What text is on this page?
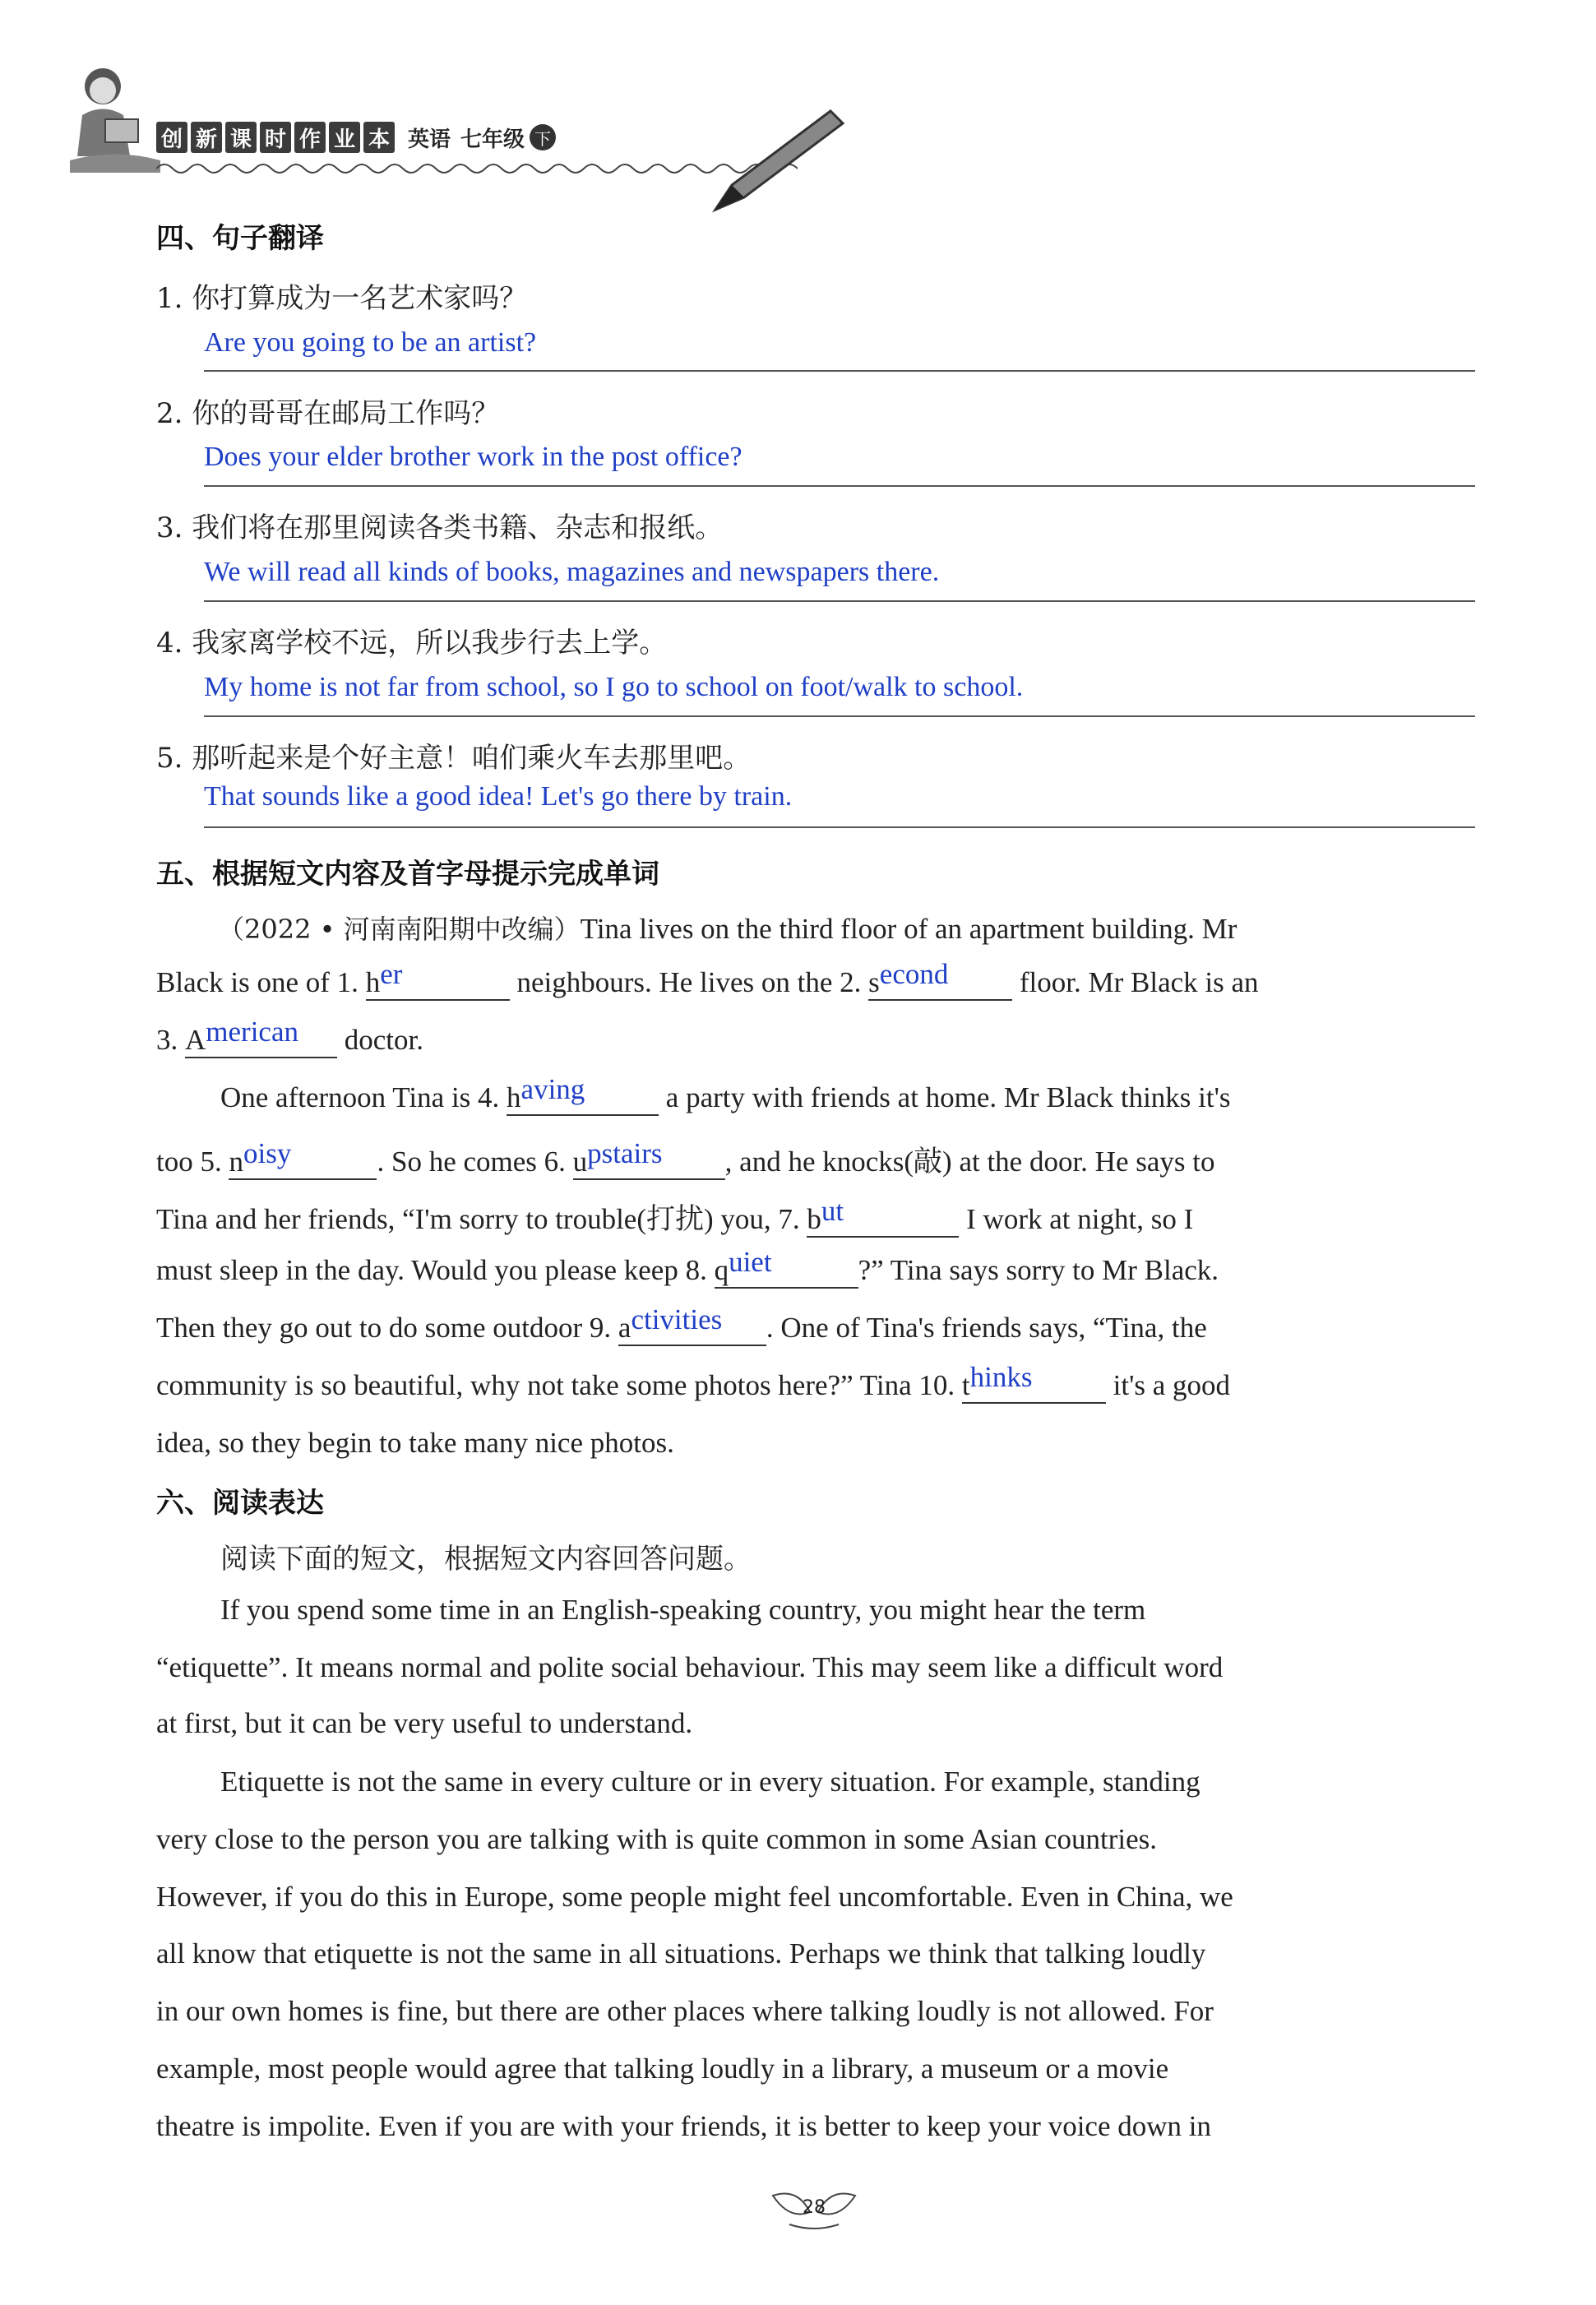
创 新 课 时 作 业 本 英语 七年级 下
四、句子翻译
1. 你打算成为一名艺术家吗？
Are you going to be an artist?
2. 你的哥哥在邮局工作吗？
Does your elder brother work in the post office?
3. 我们将在那里阅读各类书籍、杂志和报纸。
We will read all kinds of books, magazines and newspapers there.
4. 我家离学校不远，所以我步行去上学。
My home is not far from school, so I go to school on foot/walk to school.
5. 那听起来是个好主意！咱们乘火车去那里吧。
That sounds like a good idea! Let's go there by train.
五、根据短文内容及首字母提示完成单词
（2022 • 河南南阳期中改编）Tina lives on the third floor of an apartment building. Mr
Black is one of 1. her	neighbours. He lives on the 2. second floor. Mr Black is an
3. American doctor.
One afternoon Tina is 4. having	a party with friends at home. Mr Black thinks it's
too 5. noisy	. So he comes 6. upstairs , and he knocks(敲) at the door. He says to
Tina and her friends, “I'm sorry to trouble(打扰) you, 7. but	I work at night, so I
must sleep in the day. Would you please keep 8. quiet	?” Tina says sorry to Mr Black.
Then they go out to do some outdoor 9. activities . One of Tina's friends says, “Tina, the
community is so beautiful, why not take some photos here?” Tina 10. thinks	it's a good
idea, so they begin to take many nice photos.
六、阅读表达
阅读下面的短文，根据短文内容回答问题。
If you spend some time in an English-speaking country, you might hear the term
“etiquette”. It means normal and polite social behaviour. This may seem like a difficult word
at first, but it can be very useful to understand.
Etiquette is not the same in every culture or in every situation. For example, standing
very close to the person you are talking with is quite common in some Asian countries.
However, if you do this in Europe, some people might feel uncomfortable. Even in China, we
all know that etiquette is not the same in all situations. Perhaps we think that talking loudly
in our own homes is fine, but there are other places where talking loudly is not allowed. For
example, most people would agree that talking loudly in a library, a museum or a movie
theatre is impolite. Even if you are with your friends, it is better to keep your voice down in
28
